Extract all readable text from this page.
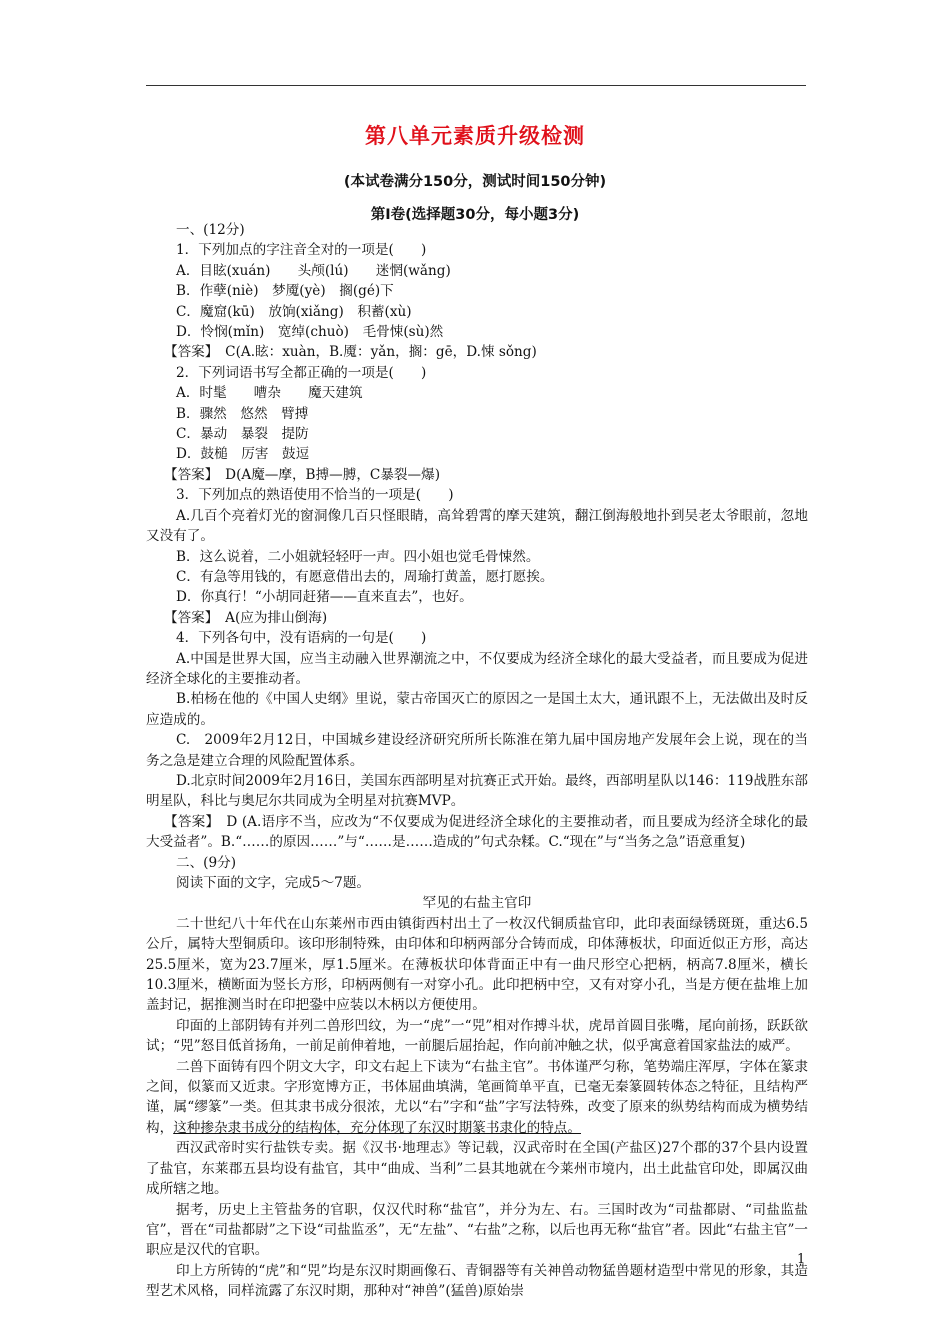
第八单元素质升级检测
(本试卷满分150分，测试时间150分钟)
第Ⅰ卷(选择题30分，每小题3分)

一、(12分)

1．下列加点的字注音全对的一项是(　　)

A．目眩(xuán)　　头颅(lú)　　迷惘(wǎng)

B．作孽(niè)　梦魇(yè)　搁(gé)下

C．魔窟(kū)　放饷(xiǎng)　积蓄(xù)

D．怜悯(mǐn)　宽绰(chuò)　毛骨悚(sù)然

【答案】　C(A.眩：xuàn，B.魇：yǎn，搁：gē，D.悚 sǒng)

2．下列词语书写全都正确的一项是(　　)

A．时髦　　嘈杂　　魔天建筑

B．骤然　悠然　臂搏

C．暴动　暴裂　提防

D．鼓槌　厉害　鼓逗

【答案】　D(A魔—摩，B搏—膊，C暴裂—爆)

3．下列加点的熟语使用不恰当的一项是(　　)

A.几百个亮着灯光的窗洞像几百只怪眼睛，高耸碧霄的摩天建筑，翻江倒海般地扑到吴老太爷眼前，忽地又没有了。

B．这么说着，二小姐就轻轻吁一声。四小姐也觉毛骨悚然。

C．有急等用钱的，有愿意借出去的，周瑜打黄盖，愿打愿挨。

D．你真行！“小胡同赶猪——直来直去”，也好。

【答案】　A(应为排山倒海)

4．下列各句中，没有语病的一句是(　　)

A.中国是世界大国，应当主动融入世界潮流之中，不仅要成为经济全球化的最大受益者，而且要成为促进经济全球化的主要推动者。

B.柏杨在他的《中国人史纲》里说，蒙古帝国灭亡的原因之一是国土太大，通讯跟不上，无法做出及时反应造成的。

C.　2009年2月12日，中国城乡建设经济研究所所长陈淮在第九届中国房地产发展年会上说，现在的当务之急是建立合理的风险配置体系。

D.北京时间2009年2月16日，美国东西部明星对抗赛正式开始。最终，西部明星队以146：119战胜东部明星队，科比与奥尼尔共同成为全明星对抗赛MVP。

【答案】　D (A.语序不当，应改为“不仅要成为促进经济全球化的主要推动者，而且要成为经济全球化的最大受益者”。B.“……的原因……”与“……是……造成的”句式杂糅。C.“现在”与“当务之急”语意重复)

二、(9分)

阅读下面的文字，完成5～7题。

罕见的右盐主官印

二十世纪八十年代在山东莱州市西由镇街西村出土了一枚汉代铜质盐官印，此印表面绿锈斑斑，重达6.5公斤，属特大型铜质印。该印形制特殊，由印体和印柄两部分合铸而成，印体薄板状，印面近似正方形，高达25.5厘米，宽为23.7厘米，厚1.5厘米。在薄板状印体背面正中有一曲尺形空心把柄，柄高7.8厘米，横长10.3厘米，横断面为竖长方形，印柄两侧有一对穿小孔。此印把柄中空，又有对穿小孔，当是方便在盐堆上加盖封记，据推测当时在印把銎中应装以木柄以方便使用。

印面的上部阴铸有并列二兽形凹纹，为一“虎”一“兕”相对作搏斗状，虎昂首圆目张嘴，尾向前扬，跃跃欲试；“兕”怒目低首扬角，一前足前伸着地，一前腿后屈抬起，作向前冲触之状，似乎寓意着国家盐法的威严。

二兽下面铸有四个阴文大字，印文右起上下读为“右盐主官”。书体谨严匀称，笔势端庄浑厚，字体在篆隶之间，似篆而又近隶。字形宽博方正，书体屈曲填满，笔画简单平直，已毫无秦篆圆转体态之特征，且结构严谨，属“缪篆”一类。但其隶书成分很浓，尤以“右”字和“盐”字写法特殊，改变了原来的纵势结构而成为横势结构，这种掺杂隶书成分的结构体，充分体现了东汉时期篆书隶化的特点。

西汉武帝时实行盐铁专卖。据《汉书·地理志》等记载，汉武帝时在全国(产盐区)27个郡的37个县内设置了盐官，东莱郡五县均设有盐官，其中“曲成、当利”二县其地就在今莱州市境内，出土此盐官印处，即属汉曲成所辖之地。

据考，历史上主管盐务的官职，仅汉代时称“盐官”，并分为左、右。三国时改为“司盐都尉、“司盐监盐官”，晋在“司盐都尉”之下设“司盐监丞”，无“左盐”、“右盐”之称，以后也再无称“盐官”者。因此“右盐主官”一职应是汉代的官职。

印上方所铸的“虎”和“兕”均是东汉时期画像石、青铜器等有关神兽动物猛兽题材造型中常见的形象，其造型艺术风格，同样流露了东汉时期，那种对“神兽”(猛兽)原始崇

1
